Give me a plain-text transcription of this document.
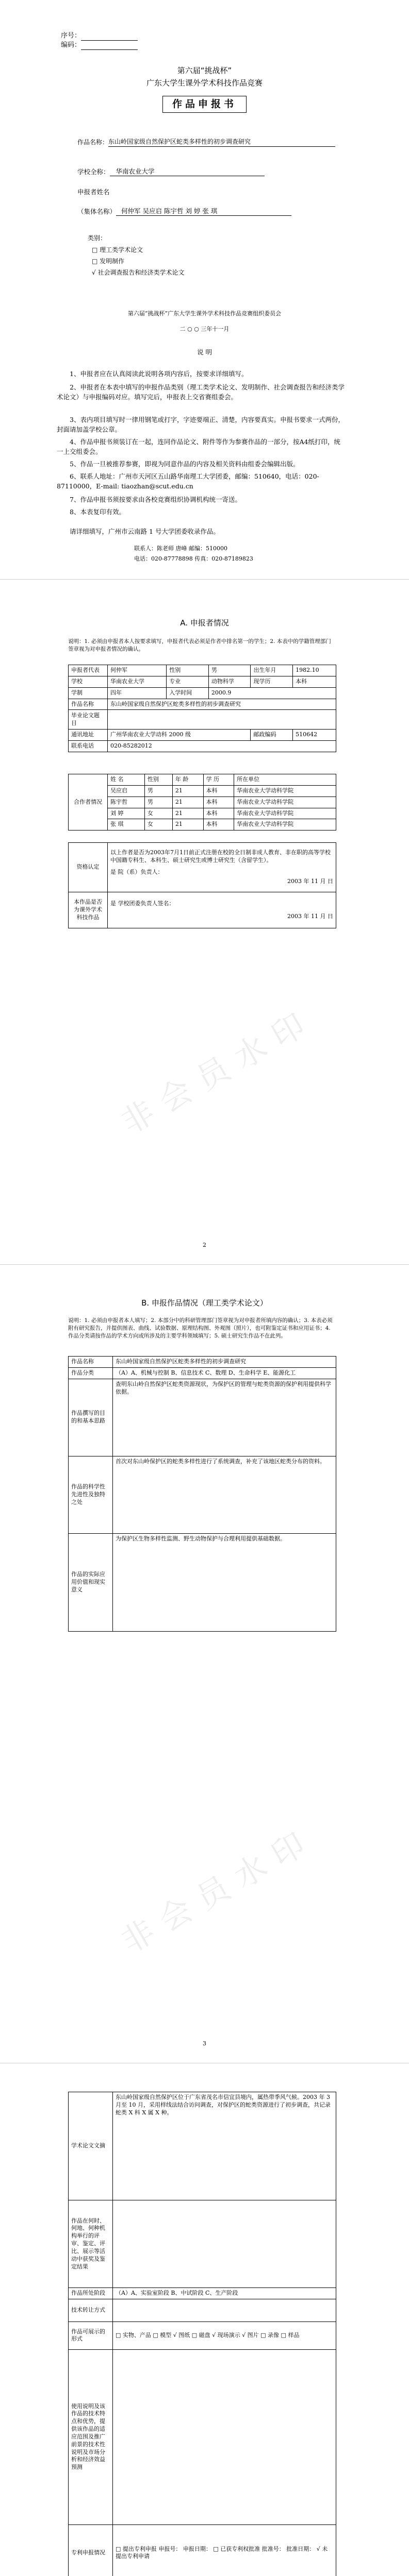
序号：
编码：
第六届“挑战杯”
广东大学生课外学术科技作品竞赛
作品申报书
作品名称：东山岭国家级自然保护区蛇类多样性的初步调查研究
学校全称： 华南农业大学
申报者姓名
（集体名称） 何仲军 吴应启 陈宇哲 刘 婷 张 琪
类别：
□ 理工类学术论文
□ 发明制作
√ 社会调查报告和经济类学术论文
第六届“挑战杯”广东大学生课外学术科技作品竞赛组织委员会
二 ○ ○ 三年十一月
说 明
1、申报者应在认真阅读此说明各项内容后，按要求详细填写。
2、申报者在本表中填写的申报作品类别（理工类学术论文、发明制作、社会调查报告和经济类学术论文）与申报编码对应。填写完后，申报表上交省赛组委会。
3、表内项目填写时一律用钢笔或打字，字迹要端正、清楚，内容要真实。申报书要求一式两份，封面请加盖学校公章。
4、作品申报书须装订在一起，连同作品论文、附件等作为参赛作品的一部分，按A4纸打印，统一上交组委会。
5、作品一旦被推荐参赛，即视为同意作品的内容及相关资料由组委会编辑出版。
6、联系人地址：广州市天河区五山路华南理工大学团委，邮编：510640，电话：020-87110000，E-mail: tiaozhan@scut.edu.cn
7、作品申报书须按要求由各校竞赛组织协调机构统一寄送。
8、本表复印有效。
请详细填写，广州市云南路 1 号大学团委收录作品。
联系人：陈老师 唐峰 邮编：510000
电话：020-87778898 传真：020-87189823
A. 申报者情况
说明：1. 必须由申报者本人按要求填写，申报者代表必须是作者中排名第一的学生；2. 本表中的学籍管理部门签章视为对申报者情况的确认。
申报者代表	何仲军	性别	男	出生年月	1982.10
学校	华南农业大学	专业	动物科学	现学历	本科
学制	四年	入学时间	2000.9		
作品名称	东山岭国家级自然保护区蛇类多样性的初步调查研究				
毕业论文题目					
通讯地址	广州华南农业大学动科 2000 级			邮政编码	510642
联系电话	020-85282012				
合作者情况	姓 名	性别	年 龄	学 历	所在单位
	吴应启	男	21	本科	华南农业大学动科学院
	陈宇哲	男	21	本科	华南农业大学动科学院
	刘 婷	女	21	本科	华南农业大学动科学院
	张 琪	女	21	本科	华南农业大学动科学院
资格认定	以上作者是否为2003年7月1日前正式注册在校的全日制非成人教育、非在职的高等学校中国籍专科生、本科生、硕士研究生或博士研究生（含留学生）。
是 院（系）负责人：
2003 年 11 月 日

本作品是否为课外学术科技作品	是 学校团委负责人签名：
2003 年 11 月 日
非会员水印
2
B. 申报作品情况（理工类学术论文）
说明：1. 必须由申报者本人填写；2. 本部分中的科研管理部门签章视为对申报者所填内容的确认；3. 本表必须附有研究报告，并提供图表、曲线、试验数据、原理结构图、外观图（照片），也可附鉴定证书和应用证书；4. 作品分类请按作品的学术方向或所涉及的主要学科领域填写；5. 硕士研究生作品不在此列。
作品名称	东山岭国家级自然保护区蛇类多样性的初步调查研究
作品分类	（A）A、机械与控制 B、信息技术 C、数理 D、生命科学 E、能源化工
作品撰写的目的和基本思路	查明东山岭自然保护区蛇类资源现状，为保护区的管理与蛇类资源的保护利用提供科学依据。
作品的科学性先进性及独特之处	首次对东山岭保护区的蛇类多样性进行了系统调查，补充了该地区蛇类分布的资料。
作品的实际应用价值和现实意义	为保护区生物多样性监测、野生动物保护与合理利用提供基础数据。
非会员水印
3
学术论文文摘	东山岭国家级自然保护区位于广东省茂名市信宜县境内，属热带季风气候。2003 年 3 月至 10 月，采用样线法结合访问调查，对保护区的蛇类资源进行了初步调查，共记录蛇类 X 科 X 属 X 种。
作品在何时、何地、何种机构举行的评审、鉴定、评比、展示等活动中获奖及鉴定结果	
作品所处阶段	（A）A、实验室阶段 B、中试阶段 C、生产阶段
技术转让方式	
作品可展示的形式	□ 实物、产品 □ 模型 √ 图纸 □ 磁盘 √ 现场演示 √ 图片 □ 录像 □ 样品
使用说明及该作品的技术特点和优势，提供该作品的适应范围及推广前景的技术性说明及市场分析和经济效益预测	
专利申报情况	□ 提出专利申报 申报号： 申报日期： □ 已获专利权批准 批准号： 批准日期： √ 未提出专利申请
